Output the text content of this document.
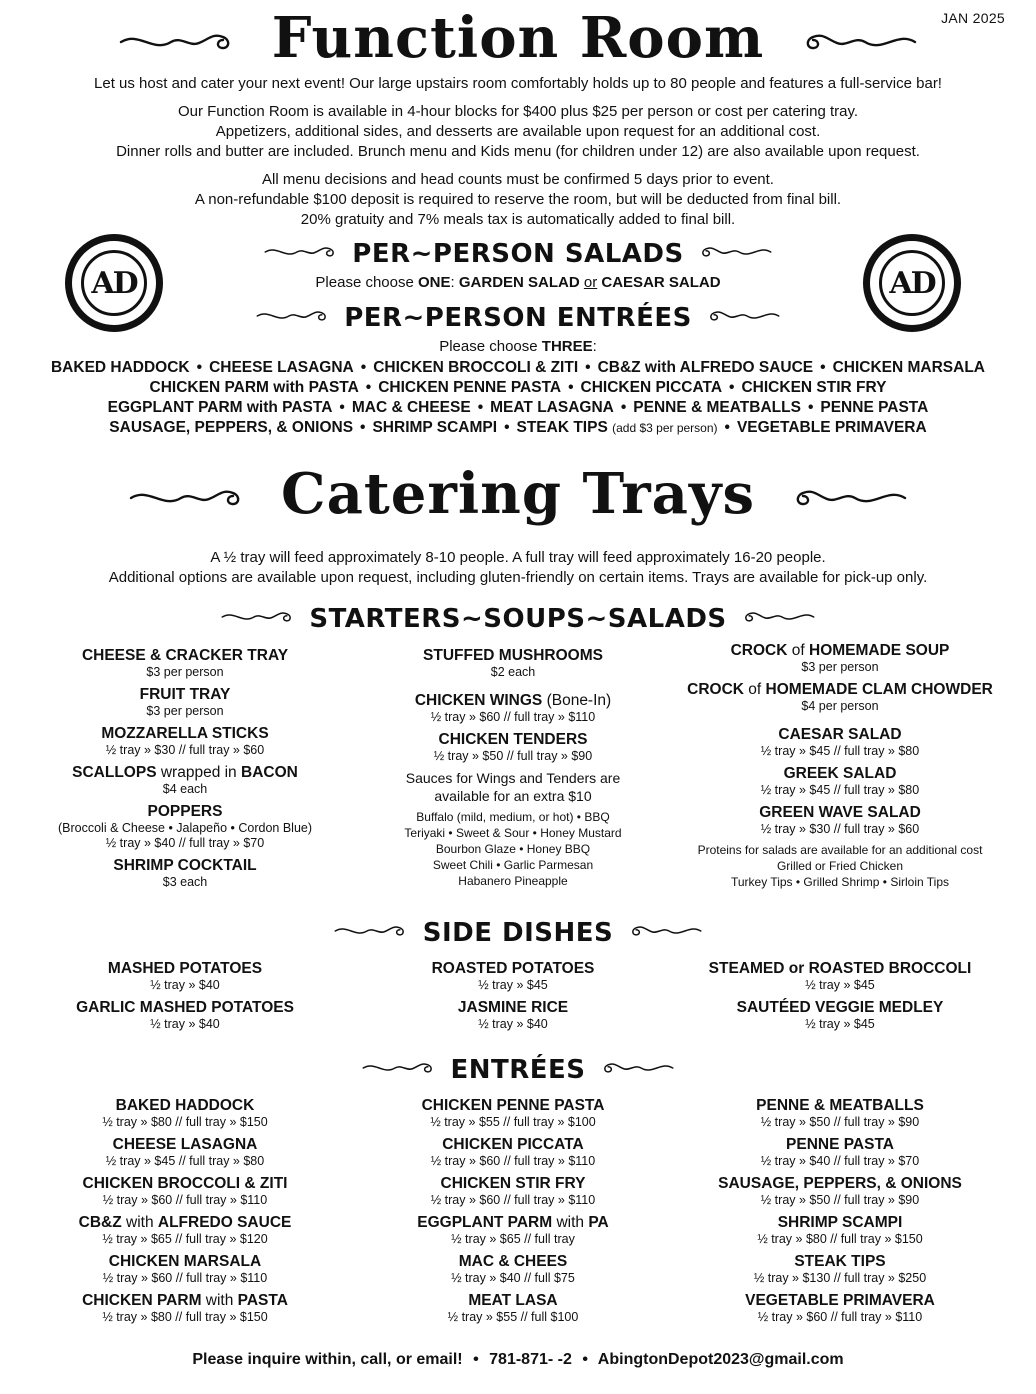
JAN 2025
Function Room
Let us host and cater your next event! Our large upstairs room comfortably holds up to 80 people and features a full-service bar!
Our Function Room is available in 4-hour blocks for $400 plus $25 per person or cost per catering tray.
Appetizers, additional sides, and desserts are available upon request for an additional cost.
Dinner rolls and butter are included. Brunch menu and Kids menu (for children under 12) are also available upon request.
All menu decisions and head counts must be confirmed 5 days prior to event.
A non-refundable $100 deposit is required to reserve the room, but will be deducted from final bill.
20% gratuity and 7% meals tax is automatically added to final bill.
AD	AD
PER~PERSON SALADS
Please choose ONE: GARDEN SALAD or CAESAR SALAD
PER~PERSON ENTRÉES
Please choose THREE:
BAKED HADDOCK • CHEESE LASAGNA • CHICKEN BROCCOLI & ZITI • CB&Z with ALFREDO SAUCE • CHICKEN MARSALA
CHICKEN PARM with PASTA • CHICKEN PENNE PASTA • CHICKEN PICCATA • CHICKEN STIR FRY
EGGPLANT PARM with PASTA • MAC & CHEESE • MEAT LASAGNA • PENNE & MEATBALLS • PENNE PASTA
SAUSAGE, PEPPERS, & ONIONS • SHRIMP SCAMPI • STEAK TIPS (add $3 per person) • VEGETABLE PRIMAVERA
Catering Trays
A ½ tray will feed approximately 8-10 people. A full tray will feed approximately 16-20 people.
Additional options are available upon request, including gluten-friendly on certain items. Trays are available for pick-up only.
STARTERS~SOUPS~SALADS
CHEESE & CRACKER TRAY
$3 per person
FRUIT TRAY
$3 per person
MOZZARELLA STICKS
½ tray » $30 // full tray » $60
SCALLOPS wrapped in BACON
$4 each
POPPERS
(Broccoli & Cheese • Jalapeño • Cordon Blue)
½ tray » $40 // full tray » $70
SHRIMP COCKTAIL
$3 each
STUFFED MUSHROOMS
$2 each
CHICKEN WINGS (Bone-In)
½ tray » $60 // full tray » $110
CHICKEN TENDERS
½ tray » $50 // full tray » $90
Sauces for Wings and Tenders are
available for an extra $10
Buffalo (mild, medium, or hot) • BBQ
Teriyaki • Sweet & Sour • Honey Mustard
Bourbon Glaze • Honey BBQ
Sweet Chili • Garlic Parmesan
Habanero Pineapple
CROCK of HOMEMADE SOUP
$3 per person
CROCK of HOMEMADE CLAM CHOWDER
$4 per person
CAESAR SALAD
½ tray » $45 // full tray » $80
GREEK SALAD
½ tray » $45 // full tray » $80
GREEN WAVE SALAD
½ tray » $30 // full tray » $60
Proteins for salads are available for an additional cost
Grilled or Fried Chicken
Turkey Tips • Grilled Shrimp • Sirloin Tips
SIDE DISHES
MASHED POTATOES
½ tray » $40
GARLIC MASHED POTATOES
½ tray » $40
ROASTED POTATOES
½ tray » $45
JASMINE RICE
½ tray » $40
STEAMED or ROASTED BROCCOLI
½ tray » $45
SAUTÉED VEGGIE MEDLEY
½ tray » $45
ENTRÉES
BAKED HADDOCK
½ tray » $80 // full tray » $150
CHEESE LASAGNA
½ tray » $45 // full tray » $80
CHICKEN BROCCOLI & ZITI
½ tray » $60 // full tray » $110
CB&Z with ALFREDO SAUCE
½ tray » $65 // full tray » $120
CHICKEN MARSALA
½ tray » $60 // full tray » $110
CHICKEN PARM with PASTA
½ tray » $80 // full tray » $150
CHICKEN PENNE PASTA
½ tray » $55 // full tray » $100
CHICKEN PICCATA
½ tray » $60 // full tray » $110
CHICKEN STIR FRY
½ tray » $60 // full tray » $110
EGGPLANT PARM with PA
½ tray » $65 // full tray
MAC & CHEES
½ tray » $40 // full $75
MEAT LASA
½ tray » $55 // full $100
PENNE & MEATBALLS
½ tray » $50 // full tray » $90
PENNE PASTA
½ tray » $40 // full tray » $70
SAUSAGE, PEPPERS, & ONIONS
½ tray » $50 // full tray » $90
SHRIMP SCAMPI
½ tray » $80 // full tray » $150
STEAK TIPS
½ tray » $130 // full tray » $250
VEGETABLE PRIMAVERA
½ tray » $60 // full tray » $110
Please inquire within, call, or email! • 781-871- -2 • AbingtonDepot2023@gmail.com
